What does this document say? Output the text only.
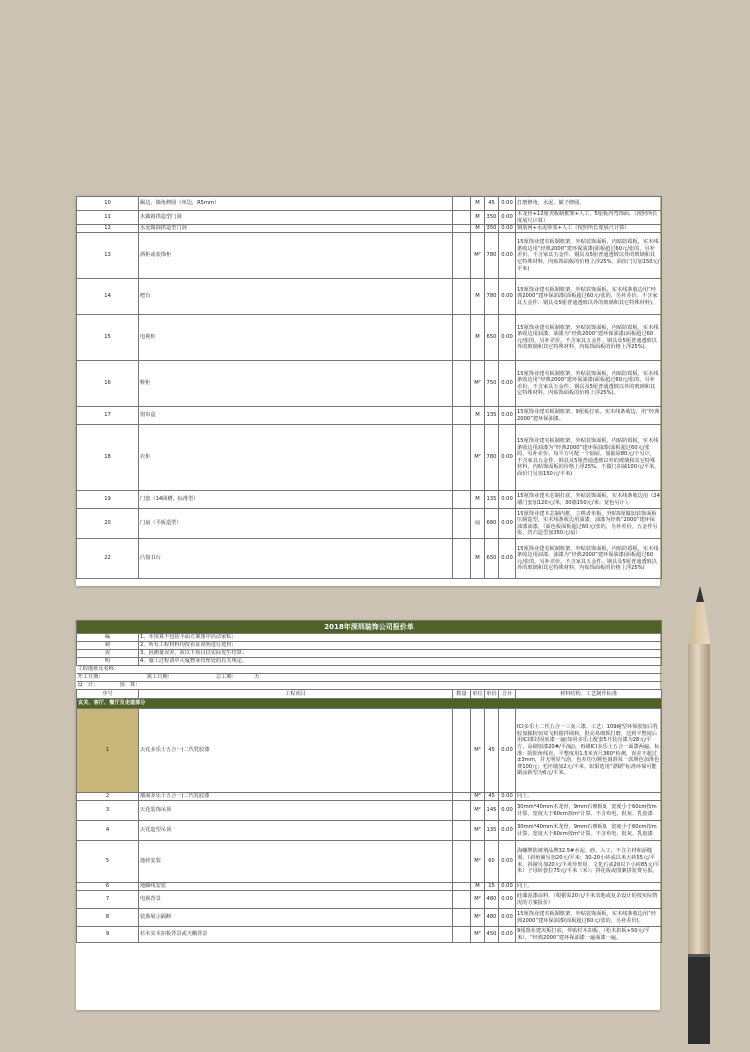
10	踢边、墙角修圆（单边，R5mm）		M	45	0.00	打磨修角，水泥、腻子修圆。
11	木做圆拱造型门洞		M	350	0.00	木龙骨+12厘夹板制框架+人工，5厘板内弯饰面。（按照所长度展尺计算）
12	水泥做圆拱造型门洞		M	350	0.00	钢筋网+水泥砂浆+人工（按照所长度展尺计算）
13	酒柜或装饰柜		M²	780	0.00	15厘饰业建夹板制框架，外贴装饰面板，内贴防霉板，实木线条收边用“经典2000”建环保油漆(面板超过60元/张的，另补差价。不含家具五金件、钢具及5厘普通透玻以外的玻璃和其它特殊材料，内贴饰面板的价格上浮25%，面价门另加150元/平米)
14	吧台		M	780	0.00	15厘饰业建夹板制框架，外贴装饰面板，实木线条收边用“经典2000”建环保油漆(面板超过60元/张的，另补差价。不含家具五金件、钢具及5厘普通透玻以外的玻璃和其它特殊材料)。
15	电视柜		M	650	0.00	15厘饰业建夹板制框架，外贴装饰面板，内贴防霉板，实木线条收边用油漆，油漆为“经典2000”建环保油漆(面板超过60元/张的，另补差价。不含家具五金件、钢具及5厘普通透玻以外的玻璃和其它特殊材料，内贴饰面板的价格上浮25%)。
16	鞋柜		M²	750	0.00	15厘饰业建夹板制框架，外贴装饰面板，内贴防霉板，实木线条收边用“经典2000”建环保油漆(面板超过60元/张的，另补差价。不含家具五金件、钢具及5厘普通透玻以外的玻璃和其它特殊材料，内贴饰面板的价格上浮25%)。
17	窗帘盒		M	135	0.00	15厘饰业建夹板制框架，9厘板打底，实木线条收边，用“经典2000”建环保油漆。
18	衣柜		M²	780	0.00	15厘饰业建夹板制框架，外贴装饰面板，内贴防霉板，实木线条收边用油漆为“经典2000”建环保油漆(面板超过60元/张的，另补差价。每平方可配一个抽屉，加抽屉80元/个另计，不含家具五金件、钢具及5厘普通透玻以外的玻璃和其它特殊材料，内贴饰面板的价格上浮25%，不做门扣减100元/平米，面价门另加150元/平米)
19	门套（14阔槽，标准型）		M	135	0.00	15厘饰业建木芯制打底，外贴装饰面板，实木线条收边用（24墙门套加120元/米，30墙150元/米；宽色另计）。
20	门扇（平板造型）		扇	680	0.00	15厘饰业建木芯制内框，立樘者单板，外贴5厘做加装饰面板压制造型，实木线条收边用油漆，油漆为经典“2000”建环保油漆油漆，（面色板面板超过60元/张的，另补差价。五金件另报，凹凸造型加350元/扇）
22	凸窗书台		M	650	0.00	15厘饰业建夹板制框架，外贴装饰面板，内贴防霉板，实木线条收边用油漆，油漆为“经典2000”建环保油漆(面板超过60元/张的，另补差价。不含家具五金件、钢具及5厘普通透玻以外的玻璃和其它特殊材料，内贴饰面板的价格上浮25%)
2018年深圳装饰公司报价单						
编	1、本预算不包括平面方案图中活动家私；					
制	2、所有工程材料均按看证说明进行选材；					
说	3、因测量误差，故以下项目以实际发生结算；					
明	4、施工过程请中大厦物业管理处的有关规定。					
工程地址及名称：						
开工日期： 竣工日期： 总工期： 天						
设　计： 预　算：						
序号	工程项目	数量	单位	单价	合计	材料结构、工艺制作标准
玄关、客厅、餐厅及走道部分						
1	天花多乐士五合一(二代乳胶漆		M²	45	0.00	ICI多乐士二代五合一三灰三漆。工艺：109耐型环保胶加白乳胶加腻粉加双飞粉搅拌调和，批亮易细抓打磨，达到平整度后用ICI漆封固底漆一遍(如用多乐士配套5升装亮漆为28元/平方，涂刷加漆20#/平/遍)，再刷ICI多乐士五合一面漆两遍。标准：阴阳角线直，平整度用1.5米直尺360°检测，误差不超过±3mm，并无明显气泡，色差均匀颜色调准每一款颜色加准色费100元；毛坯墙加2元/平米。如果选用“漂刷”标准环保可能刷涂新型为6元/平米。
2	墙面多乐士五合一(二代乳胶漆		M²	45	0.00	同上。
3	天花装饰吊顶		M²	145	0.00	30mm*40mm木龙骨，9mm石膏板9，宽度小于60cm按m计算，宽度大于60cm按m²计算。不含布电、批灰、乳胶漆
4	天花造型吊顶		M²	135	0.00	30mm*40mm木龙骨，9mm石膏板9，宽度小于60cm按m计算，宽度大于60cm按m²计算。不含布电、批灰、乳胶漆
5	地砖安装		M²	60	0.00	海螺牌防被剂品牌32.5#水泥、砂、人工，不含主材和添缝剂，（斜角铺另加20元/平米；30-20小砖或以米大砖55元/平米，斜铺另加20元/平米异形用。文化石或20以下小砖85元/平米）子母砖套拉75元/平米（米）；拼花板或图案拼装费另报。
6	地脚线安装		M	15	0.00	同上。
7	电视背景		M²	480	0.00	硅藻泥漆涂料，（根据需20元/平米其他或复杂设计的按实际情况的方案报价）
8	装饰展示隔断		M²	480	0.00	15厘饰业建夹板制框架，外贴装饰面板，实木线条收边用“经典2000”建环保油漆(面板超过60元/张的，另补差价)。
9	杉木实木扣板背景或天棚背景		M²	450	0.00	9厘饰业建夹板打底，外贴杉木扣板，（松木扣板+50元/平米），“经典2000”建环保油漆一遍面漆一遍。
